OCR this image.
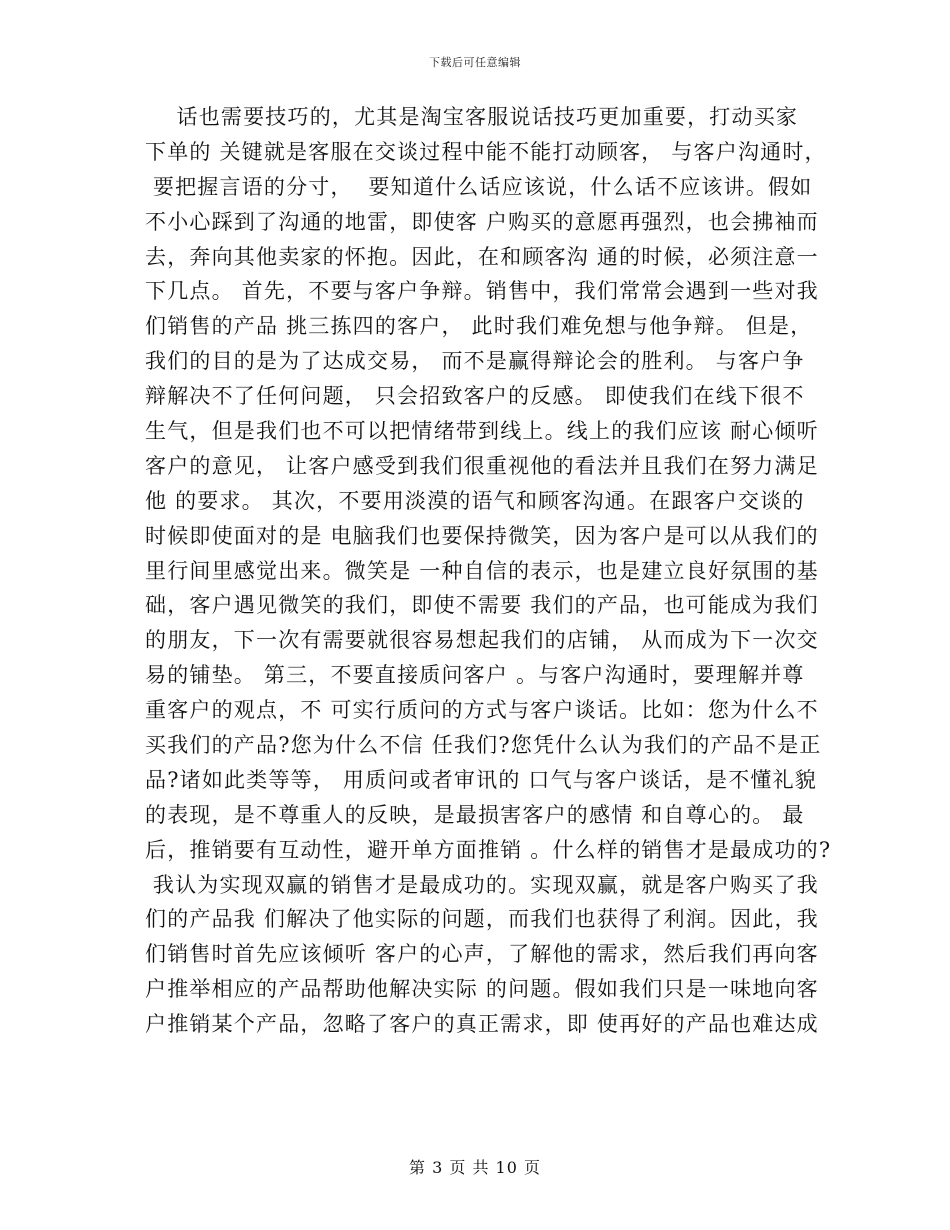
下载后可任意编辑
话也需要技巧的，尤其是淘宝客服说话技巧更加重要，打动买家
下单的 关键就是客服在交谈过程中能不能打动顾客， 与客户沟通时，
要把握言语的分寸，  要知道什么话应该说，什么话不应该讲。假如
不小心踩到了沟通的地雷，即使客 户购买的意愿再强烈，也会拂袖而
去，奔向其他卖家的怀抱。因此，在和顾客沟 通的时候，必须注意一
下几点。 首先，不要与客户争辩。销售中，我们常常会遇到一些对我
们销售的产品 挑三拣四的客户， 此时我们难免想与他争辩。 但是，
我们的目的是为了达成交易， 而不是赢得辩论会的胜利。 与客户争
辩解决不了任何问题， 只会招致客户的反感。 即使我们在线下很不
生气，但是我们也不可以把情绪带到线上。线上的我们应该 耐心倾听
客户的意见， 让客户感受到我们很重视他的看法并且我们在努力满足
他 的要求。 其次，不要用淡漠的语气和顾客沟通。在跟客户交谈的
时候即使面对的是 电脑我们也要保持微笑，因为客户是可以从我们的
里行间里感觉出来。微笑是 一种自信的表示，也是建立良好氛围的基
础，客户遇见微笑的我们，即使不需要 我们的产品，也可能成为我们
的朋友，下一次有需要就很容易想起我们的店铺， 从而成为下一次交
易的铺垫。 第三，不要直接质问客户 。与客户沟通时，要理解并尊
重客户的观点，不 可实行质问的方式与客户谈话。比如：您为什么不
买我们的产品?您为什么不信 任我们?您凭什么认为我们的产品不是正
品?诸如此类等等， 用质问或者审讯的 口气与客户谈话，是不懂礼貌
的表现，是不尊重人的反映，是最损害客户的感情 和自尊心的。 最
后，推销要有互动性，避开单方面推销 。什么样的销售才是最成功的?
我认为实现双赢的销售才是最成功的。实现双赢，就是客户购买了我
们的产品我 们解决了他实际的问题，而我们也获得了利润。因此，我
们销售时首先应该倾听 客户的心声，了解他的需求，然后我们再向客
户推举相应的产品帮助他解决实际 的问题。假如我们只是一味地向客
户推销某个产品，忽略了客户的真正需求，即 使再好的产品也难达成
第 3 页 共 10 页
